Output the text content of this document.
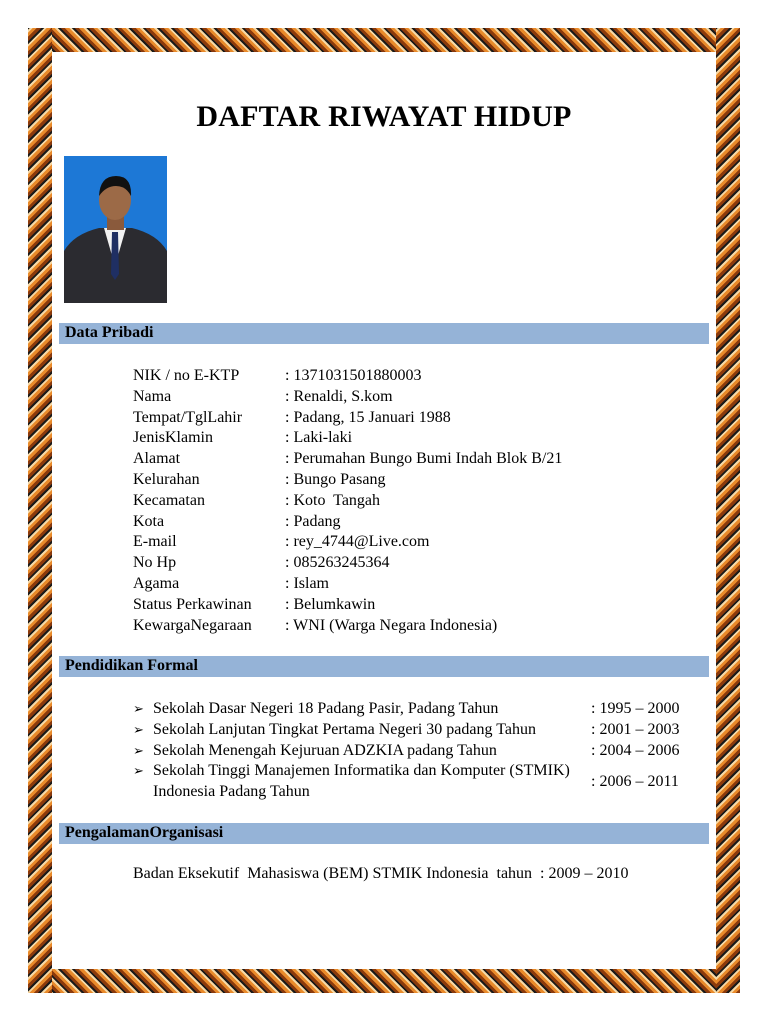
DAFTAR RIWAYAT HIDUP
Data Pribadi
NIK / no E-KTP	: 1371031501880003
Nama	: Renaldi, S.kom
Tempat/TglLahir	: Padang, 15 Januari 1988
JenisKlamin	: Laki-laki
Alamat	: Perumahan Bungo Bumi Indah Blok B/21
Kelurahan	: Bungo Pasang
Kecamatan	: Koto  Tangah
Kota	: Padang
E-mail	: rey_4744@Live.com
No Hp	: 085263245364
Agama	: Islam
Status Perkawinan	: Belumkawin
KewargaNegaraan	: WNI (Warga Negara Indonesia)
Pendidikan Formal
➢ Sekolah Dasar Negeri 18 Padang Pasir, Padang Tahun	: 1995 – 2000
➢ Sekolah Lanjutan Tingkat Pertama Negeri 30 padang Tahun	: 2001 – 2003
➢ Sekolah Menengah Kejuruan ADZKIA padang Tahun	: 2004 – 2006
➢ Sekolah Tinggi Manajemen Informatika dan Komputer (STMIK) Indonesia Padang Tahun
: 2006 – 2011
PengalamanOrganisasi
Badan Eksekutif  Mahasiswa (BEM) STMIK Indonesia  tahun  : 2009 – 2010
